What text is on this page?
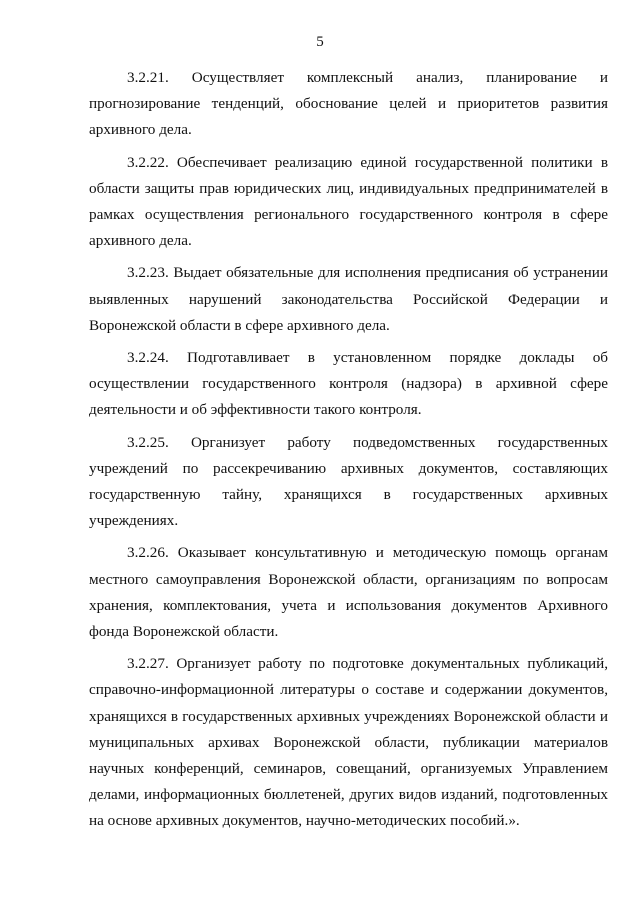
5

3.2.21. Осуществляет комплексный анализ, планирование и прогнозирование тенденций, обоснование целей и приоритетов развития архивного дела.

3.2.22. Обеспечивает реализацию единой государственной политики в области защиты прав юридических лиц, индивидуальных предпринимателей в рамках осуществления регионального государственного контроля в сфере архивного дела.

3.2.23. Выдает обязательные для исполнения предписания об устранении выявленных нарушений законодательства Российской Федерации и Воронежской области в сфере архивного дела.

3.2.24. Подготавливает в установленном порядке доклады об осуществлении государственного контроля (надзора) в архивной сфере деятельности и об эффективности такого контроля.

3.2.25. Организует работу подведомственных государственных учреждений по рассекречиванию архивных документов, составляющих государственную тайну, хранящихся в государственных архивных учреждениях.

3.2.26. Оказывает консультативную и методическую помощь органам местного самоуправления Воронежской области, организациям по вопросам хранения, комплектования, учета и использования документов Архивного фонда Воронежской области.

3.2.27. Организует работу по подготовке документальных публикаций, справочно-информационной литературы о составе и содержании документов, хранящихся в государственных архивных учреждениях Воронежской области и муниципальных архивах Воронежской области, публикации материалов научных конференций, семинаров, совещаний, организуемых Управлением делами, информационных бюллетеней, других видов изданий, подготовленных на основе архивных документов, научно-методических пособий.».
